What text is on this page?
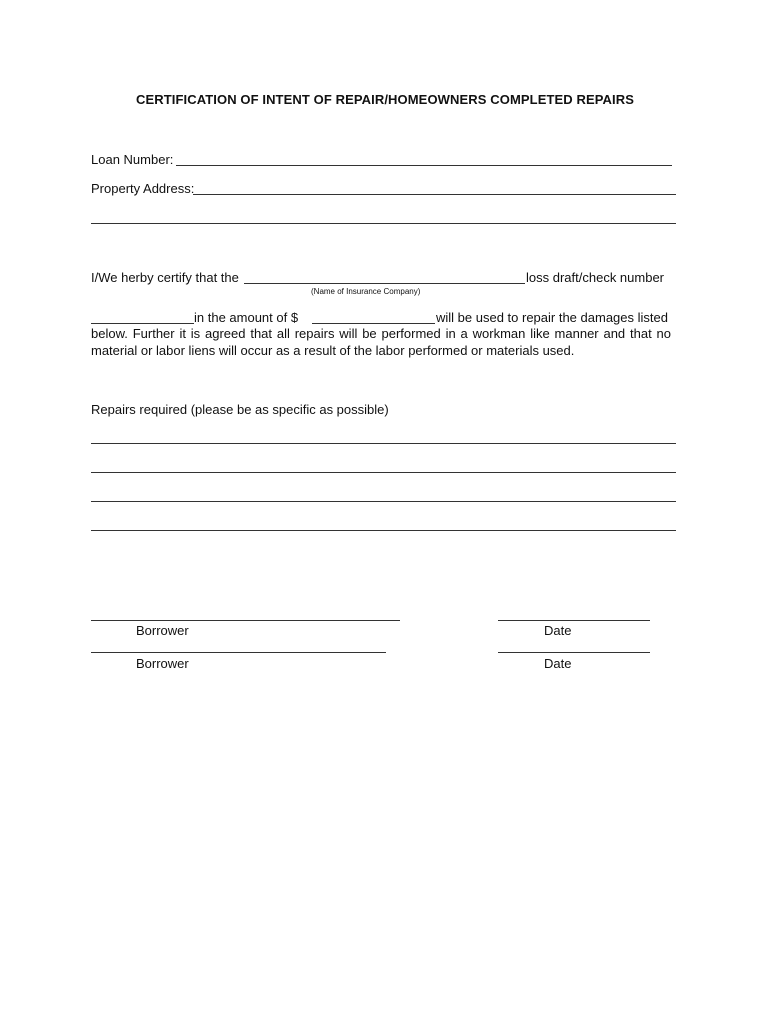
CERTIFICATION OF INTENT OF REPAIR/HOMEOWNERS COMPLETED REPAIRS
Loan Number:
Property Address:
I/We herby certify that the	loss draft/check number
(Name of Insurance Company)
in the amount of $	will be used to repair the damages listed
below. Further it is agreed that all repairs will be performed in a workman like manner and that no material or labor liens will occur as a result of the labor performed or materials used.
Repairs required (please be as specific as possible)
Borrower	Date
Borrower	Date
